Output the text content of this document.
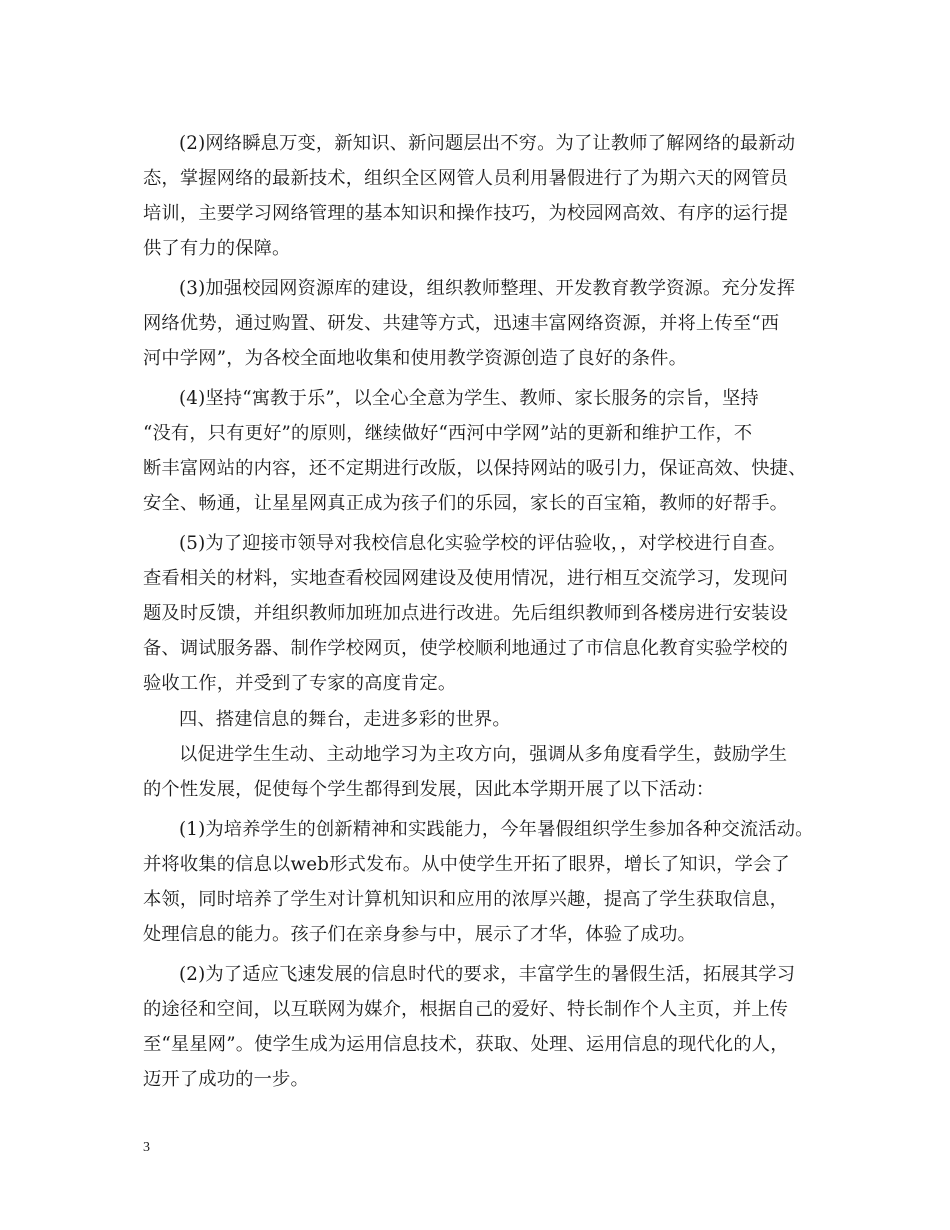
(2)网络瞬息万变，新知识、新问题层出不穷。为了让教师了解网络的最新动
态，掌握网络的最新技术，组织全区网管人员利用暑假进行了为期六天的网管员
培训，主要学习网络管理的基本知识和操作技巧，为校园网高效、有序的运行提
供了有力的保障。
(3)加强校园网资源库的建设，组织教师整理、开发教育教学资源。充分发挥
网络优势，通过购置、研发、共建等方式，迅速丰富网络资源，并将上传至“西
河中学网”，为各校全面地收集和使用教学资源创造了良好的条件。
(4)坚持“寓教于乐”，以全心全意为学生、教师、家长服务的宗旨，坚持
“没有，只有更好”的原则，继续做好“西河中学网”站的更新和维护工作，不
断丰富网站的内容，还不定期进行改版，以保持网站的吸引力，保证高效、快捷、
安全、畅通，让星星网真正成为孩子们的乐园，家长的百宝箱，教师的好帮手。
(5)为了迎接市领导对我校信息化实验学校的评估验收，，对学校进行自查。
查看相关的材料，实地查看校园网建设及使用情况，进行相互交流学习，发现问
题及时反馈，并组织教师加班加点进行改进。先后组织教师到各楼房进行安装设
备、调试服务器、制作学校网页，使学校顺利地通过了市信息化教育实验学校的
验收工作，并受到了专家的高度肯定。
四、搭建信息的舞台，走进多彩的世界。
以促进学生生动、主动地学习为主攻方向，强调从多角度看学生，鼓励学生
的个性发展，促使每个学生都得到发展，因此本学期开展了以下活动：
(1)为培养学生的创新精神和实践能力，今年暑假组织学生参加各种交流活动。
并将收集的信息以web形式发布。从中使学生开拓了眼界，增长了知识，学会了
本领，同时培养了学生对计算机知识和应用的浓厚兴趣，提高了学生获取信息，
处理信息的能力。孩子们在亲身参与中，展示了才华，体验了成功。
(2)为了适应飞速发展的信息时代的要求，丰富学生的暑假生活，拓展其学习
的途径和空间，以互联网为媒介，根据自己的爱好、特长制作个人主页，并上传
至“星星网”。使学生成为运用信息技术，获取、处理、运用信息的现代化的人，
迈开了成功的一步。
3
